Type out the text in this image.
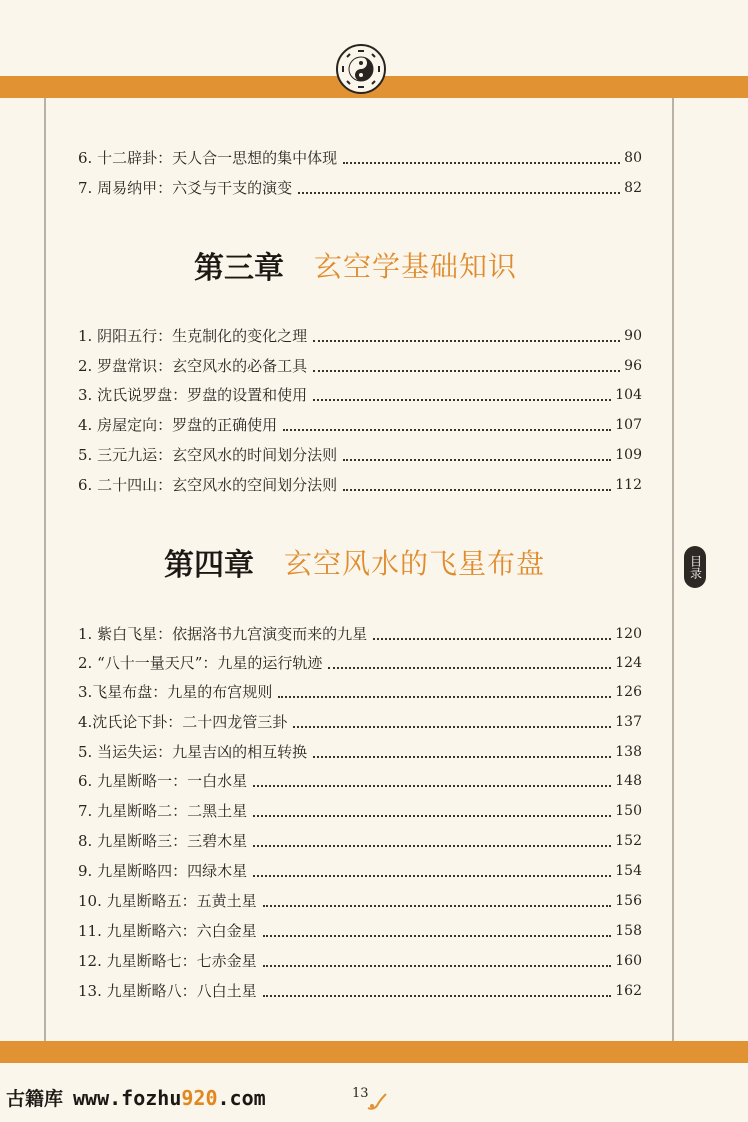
6. 十二辟卦：天人合一思想的集中体现	80
7. 周易纳甲：六爻与干支的演变	82
第三章 玄空学基础知识
1. 阴阳五行：生克制化的变化之理	90
2. 罗盘常识：玄空风水的必备工具	96
3. 沈氏说罗盘：罗盘的设置和使用	104
4. 房屋定向：罗盘的正确使用	107
5. 三元九运：玄空风水的时间划分法则	109
6. 二十四山：玄空风水的空间划分法则	112
第四章 玄空风水的飞星布盘
1. 紫白飞星：依据洛书九宫演变而来的九星	120
2. “八十一量天尺”：九星的运行轨迹	124
3.飞星布盘：九星的布宫规则	126
4.沈氏论下卦：二十四龙管三卦	137
5. 当运失运：九星吉凶的相互转换	138
6. 九星断略一：一白水星	148
7. 九星断略二：二黑土星	150
8. 九星断略三：三碧木星	152
9. 九星断略四：四绿木星	154
10. 九星断略五：五黄土星	156
11. 九星断略六：六白金星	158
12. 九星断略七：七赤金星	160
13. 九星断略八：八白土星	162
目录
古籍库 www.fozhu920.com	13
